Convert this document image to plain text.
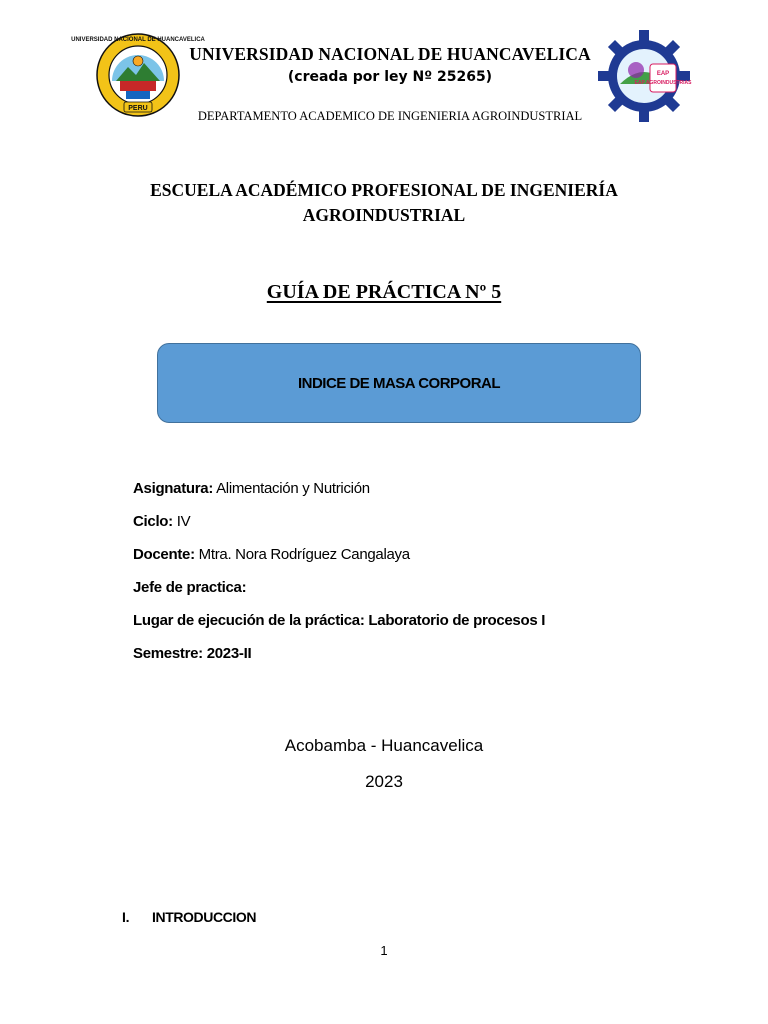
UNIVERSIDAD NACIONAL DE HUANCAVELICA
PERU
UNIVERSIDAD NACIONAL DE HUANCAVELICA
(creada por ley Nº 25265)
DEPARTAMENTO ACADEMICO DE INGENIERIA AGROINDUSTRIAL
EAP
EAP AGROINDUSTRIAS
ESCUELA ACADÉMICO PROFESIONAL DE INGENIERÍA AGROINDUSTRIAL
GUÍA DE PRÁCTICA Nº 5
INDICE DE MASA CORPORAL
Asignatura: Alimentación y Nutrición
Ciclo: IV
Docente: Mtra. Nora Rodríguez Cangalaya
Jefe de practica:
Lugar de ejecución de la práctica: Laboratorio de procesos I
Semestre: 2023-II
Acobamba - Huancavelica
2023
I. INTRODUCCION
1
